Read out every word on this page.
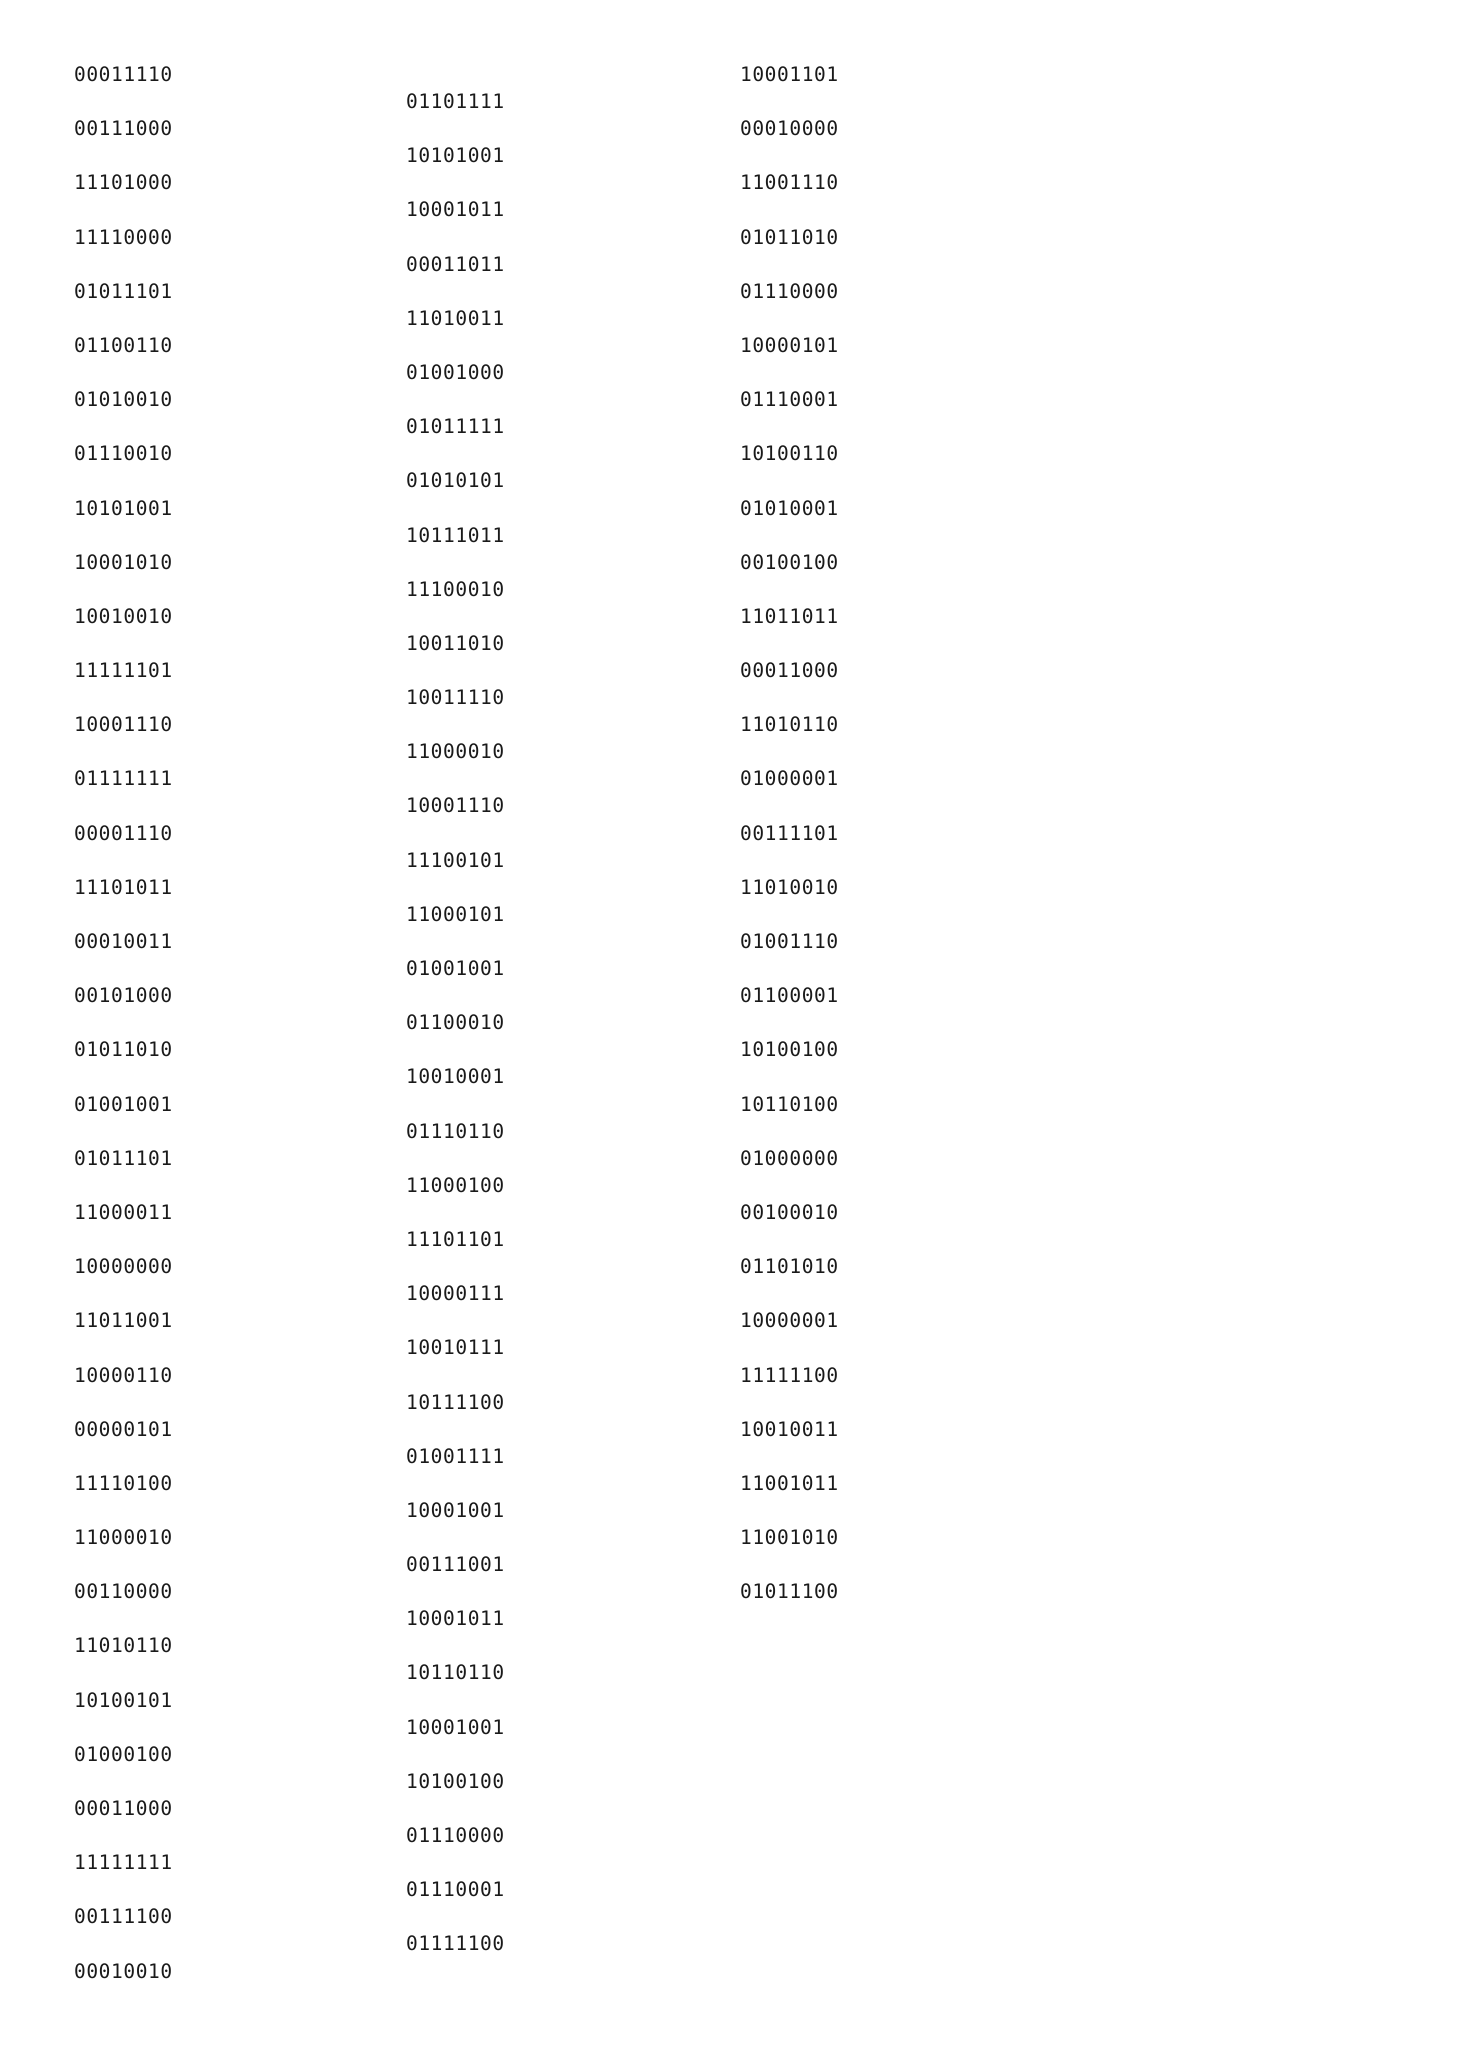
00011110
00111000
11101000
11110000
01011101
01100110
01010010
01110010
10101001
10001010
10010010
11111101
10001110
01111111
00001110
11101011
00010011
00101000
01011010
01001001
01011101
11000011
10000000
11011001
10000110
00000101
11110100
11000010
00110000
11010110
10100101
01000100
00011000
11111111
00111100
00010010
01101111
10101001
10001011
00011011
11010011
01001000
01011111
01010101
10111011
11100010
10011010
10011110
11000010
10001110
11100101
11000101
01001001
01100010
10010001
01110110
11000100
11101101
10000111
10010111
10111100
01001111
10001001
00111001
10001011
10110110
10001001
10100100
01110000
01110001
01111100
10001101
00010000
11001110
01011010
01110000
10000101
01110001
10100110
01010001
00100100
11011011
00011000
11010110
01000001
00111101
11010010
01001110
01100001
10100100
10110100
01000000
00100010
01101010
10000001
11111100
10010011
11001011
11001010
01011100
